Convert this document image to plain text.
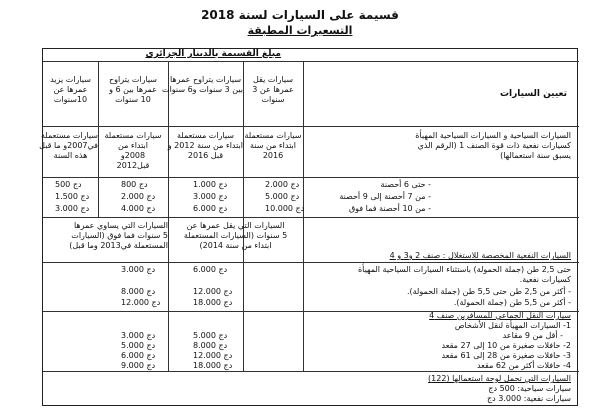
قسيمة على السيارات لسنة 2018
التسعيرات المطبقة
مبلغ القسيمة بالدينار الجزائري
تعيين السيارات
سيارات يقل
عمرها عن 3
سنوات
سيارات يتراوح عمرها
بين 3 سنوات و6 سنوات
سيارات يتراوح
عمرها بين 6 و
10 سنوات
سيارات يزيد
عمرها عن
10سنوات
سيارات مستعملة
ابتداء من سنة
2016
سيارات مستعملة
ابتداء من سنة 2012 و
قبل 2016
سيارات مستعملة
ابتداء من
2008و
قبل2012
سيارات مستعملة
في2007و ما قبل
هذه السنة
السيارات السياحية و السيارات السياحية المهيأة
كسيارات نفعية ذات قوة الصنف 1 (الرقم الذي
يسبق سنة استعمالها)
- حتى 6 أحصنة
- من 7 أحصنة إلى 9 أحصنة
- من 10 أحصنة فما فوق
2.000 دج
5.000 دج
10.000 دج
1.000 دج
3.000 دج
6.000 دج
800 دج
2.000 دج
4.000 دج
500 دج
1.500 دج
3.000 دج
السيارات التي يقل عمرها عن
5 سنوات (السيارات المستعملة
ابتداء من سنة 2014)
السيارات التي يساوي عمرها
5 سنوات فما فوق (السيارات
المستعملة في2013 وما قبل)
السيارات النفعية المخصصة للاستغلال : صنف 2 و3 و 4
حتى 2,5 طن (جملة الحمولة) باستثناء السيارات السياحية المهيأة
كسيارات نفعية.
- أكثر من 2,5 طن حتى 5,5 طن (جملة الحمولة).
- أكثر من 5,5 طن (جملة الحمولة).
6.000 دج
12.000 دج
18.000 دج
3.000 دج
8.000 دج
12.000 دج
سيارات النقل الجماعي للمسافرين صنف 4
1- السيارات المهيأة لنقل الأشخاص
- أقل من 9 مقاعد
2- حافلات صغيرة من 10 إلى 27 مقعد
3- حافلات صغيرة من 28 إلى 61 مقعد
4- حافلات أكثر من 62 مقعد
5.000 دج
8.000 دج
12.000 دج
18.000 دج
3.000 دج
5.000 دج
6.000 دج
9.000 دج
السيارات التي تحمل لوحة استعمالها (122)
سيارات سياحية: 500 دج
سيارات نفعية: 3.000 دج
